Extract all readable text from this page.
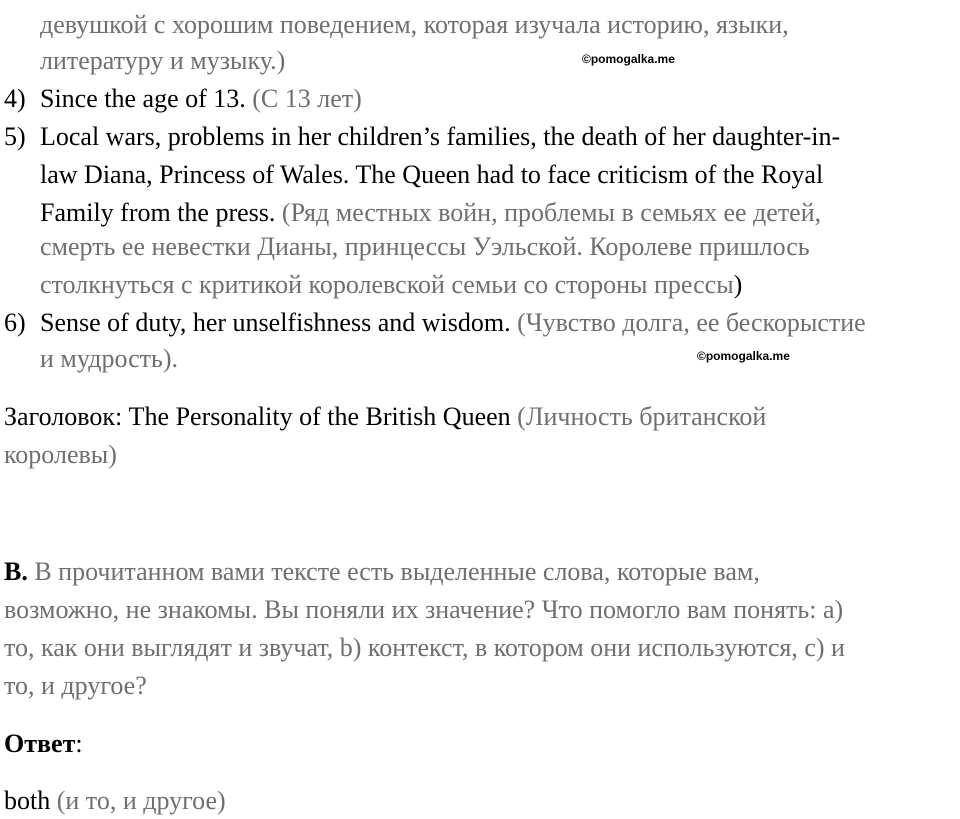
девушкой с хорошим поведением, которая изучала историю, языки,
литературу и музыку.)	©pomogalka.me
4) Since the age of 13. (С 13 лет)
5) Local wars, problems in her children’s families, the death of her daughter-in-
law Diana, Princess of Wales. The Queen had to face criticism of the Royal
Family from the press. (Ряд местных войн, проблемы в семьях ее детей,
смерть ее невестки Дианы, принцессы Уэльской. Королеве пришлось
столкнуться с критикой королевской семьи со стороны прессы)
6) Sense of duty, her unselfishness and wisdom. (Чувство долга, ее бескорыстие
и мудрость).	©pomogalka.me
Заголовок: The Personality of the British Queen (Личность британской
королевы)
B. В прочитанном вами тексте есть выделенные слова, которые вам,
возможно, не знакомы. Вы поняли их значение? Что помогло вам понять: а)
то, как они выглядят и звучат, b) контекст, в котором они используются, c) и
то, и другое?
Ответ:
both (и то, и другое)
